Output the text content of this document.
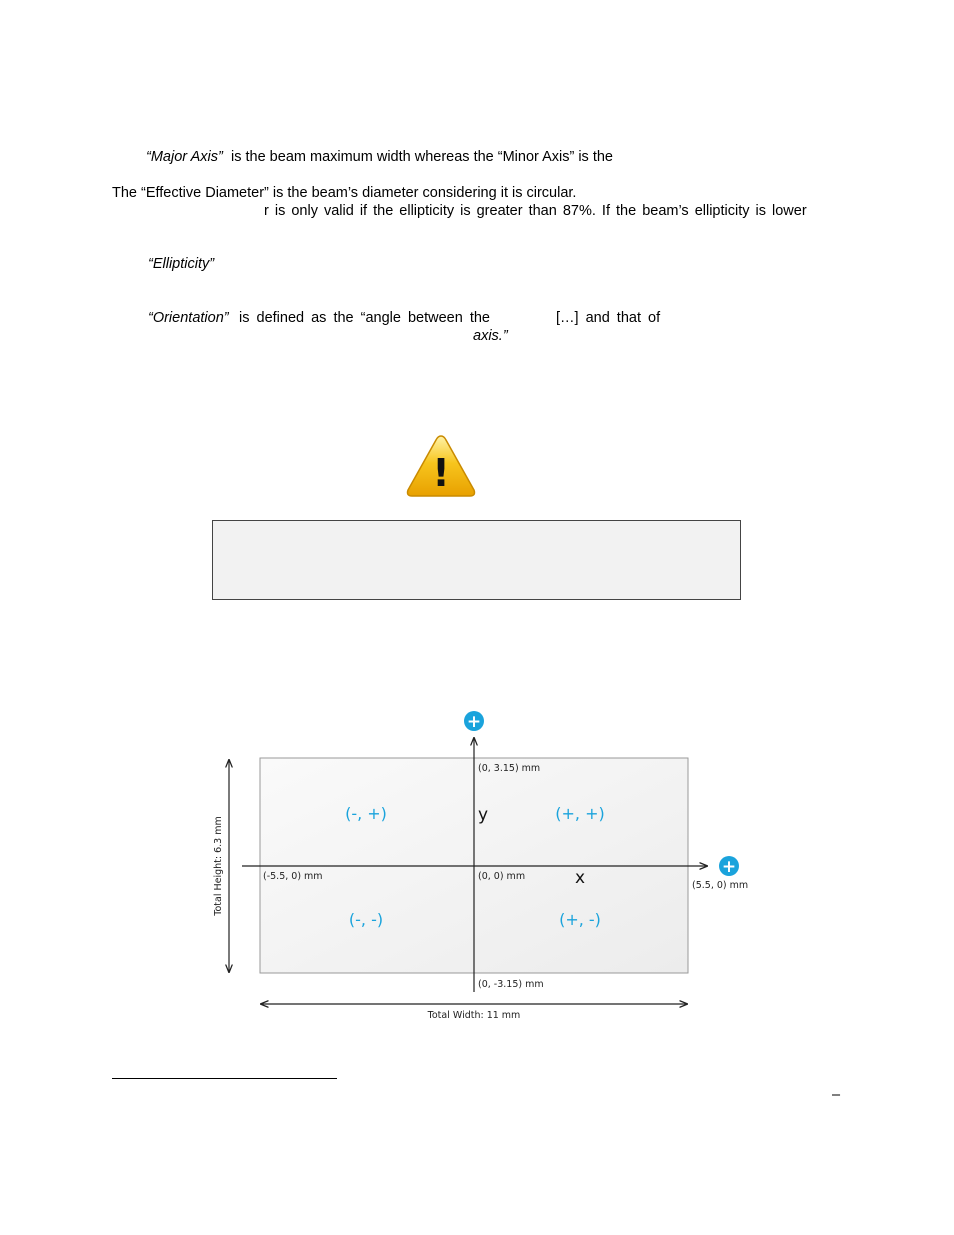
“Major Axis” is the beam maximum width whereas the “Minor Axis” is the
The “Effective Diameter” is the beam’s diameter considering it is circular.
r is only valid if the ellipticity is greater than 87%. If the beam’s ellipticity is lower
“Ellipticity”
“Orientation” is defined as the “angle between the	[…] and that of
axis.”
!
+
+
(-, +)	(+, +)
(-, -)	(+, -)
y
x
(0, 3.15) mm
(0, 0) mm
(-5.5, 0) mm
(5.5, 0) mm
(0, -3.15) mm
Total Height: 6.3 mm
Total Width: 11 mm
–
